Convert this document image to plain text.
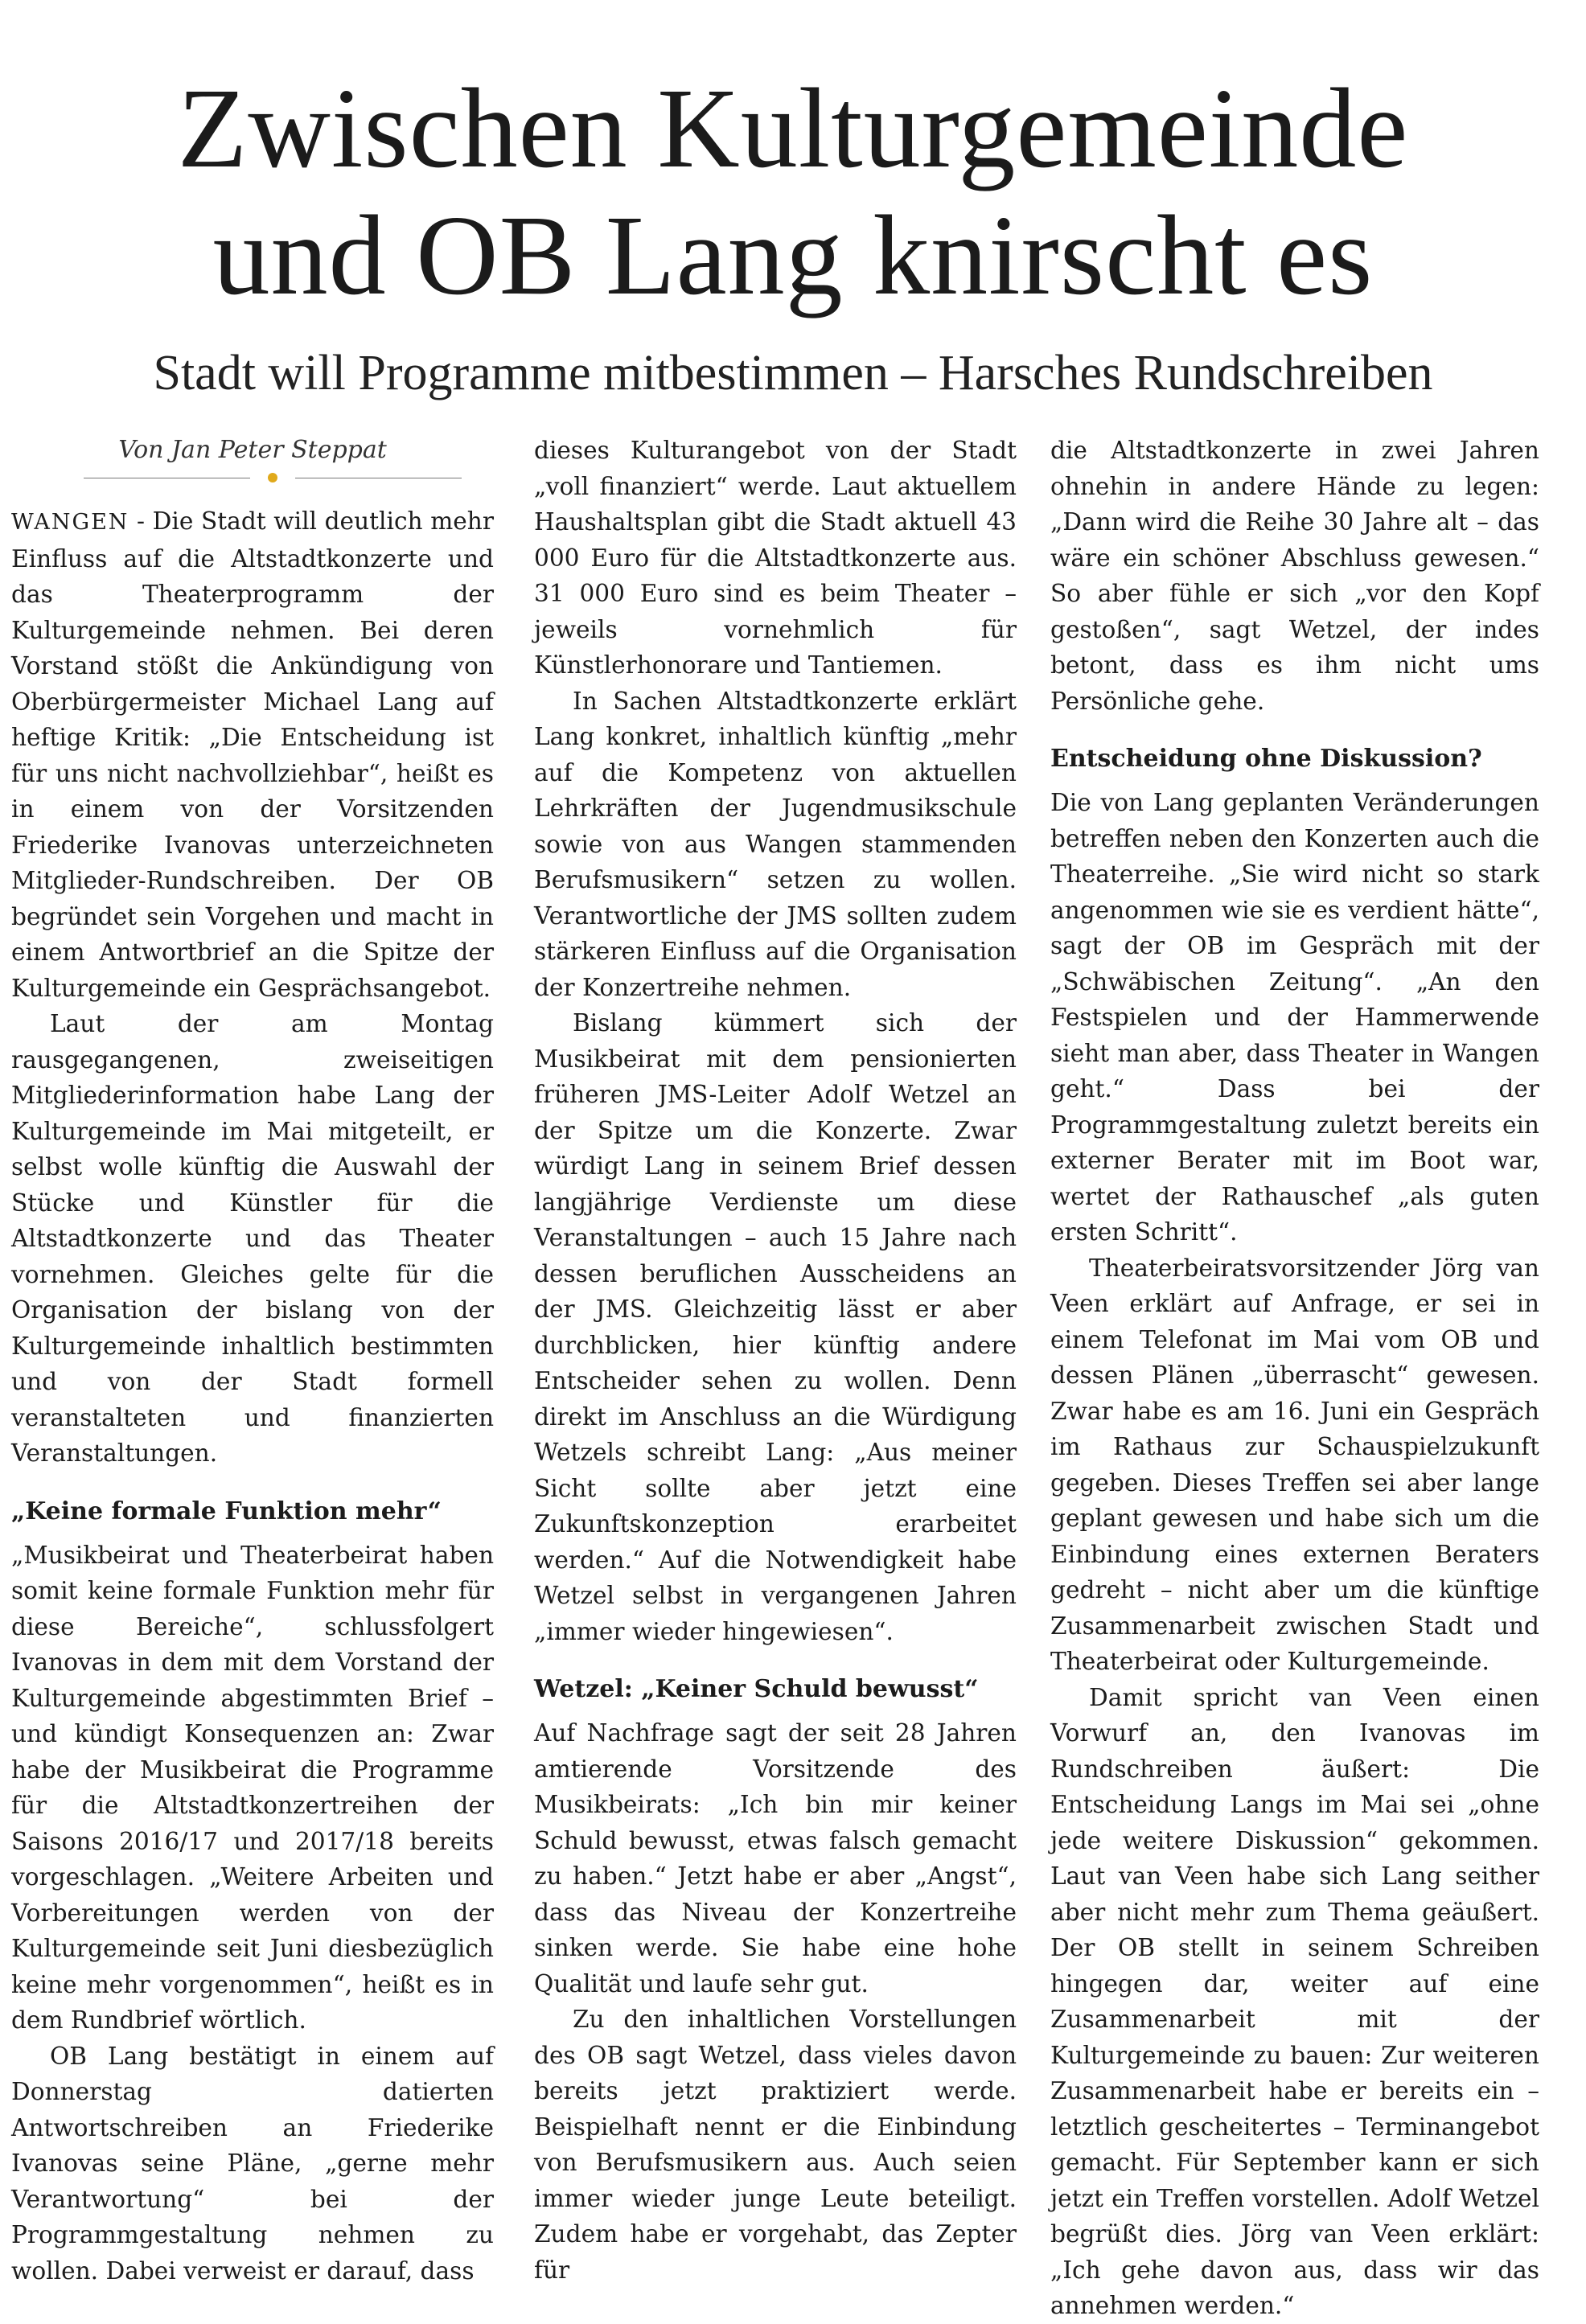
Zwischen Kulturgemeinde
und OB Lang knirscht es
Stadt will Programme mitbestimmen – Harsches Rundschreiben
Von Jan Peter Steppat

WANGEN - Die Stadt will deutlich mehr Einfluss auf die Altstadtkonzerte und das Theaterprogramm der Kulturgemeinde nehmen. Bei deren Vorstand stößt die Ankündigung von Oberbürgermeister Michael Lang auf heftige Kritik: „Die Entscheidung ist für uns nicht nachvollziehbar“, heißt es in einem von der Vorsitzenden Friederike Ivanovas unterzeichneten Mitglieder-Rundschreiben. Der OB begründet sein Vorgehen und macht in einem Antwortbrief an die Spitze der Kulturgemeinde ein Gesprächsangebot.

Laut der am Montag rausgegangenen, zweiseitigen Mitgliederinformation habe Lang der Kulturgemeinde im Mai mitgeteilt, er selbst wolle künftig die Auswahl der Stücke und Künstler für die Altstadtkonzerte und das Theater vornehmen. Gleiches gelte für die Organisation der bislang von der Kulturgemeinde inhaltlich bestimmten und von der Stadt formell veranstalteten und finanzierten Veranstaltungen.

„Keine formale Funktion mehr“

„Musikbeirat und Theaterbeirat haben somit keine formale Funktion mehr für diese Bereiche“, schlussfolgert Ivanovas in dem mit dem Vorstand der Kulturgemeinde abgestimmten Brief – und kündigt Konsequenzen an: Zwar habe der Musikbeirat die Programme für die Altstadtkonzertreihen der Saisons 2016/17 und 2017/18 bereits vorgeschlagen. „Weitere Arbeiten und Vorbereitungen werden von der Kulturgemeinde seit Juni diesbezüglich keine mehr vorgenommen“, heißt es in dem Rundbrief wörtlich.

OB Lang bestätigt in einem auf Donnerstag datierten Antwortschreiben an Friederike Ivanovas seine Pläne, „gerne mehr Verantwortung“ bei der Programmgestaltung nehmen zu wollen. Dabei verweist er darauf, dass

dieses Kulturangebot von der Stadt „voll finanziert“ werde. Laut aktuellem Haushaltsplan gibt die Stadt aktuell 43 000 Euro für die Altstadtkonzerte aus. 31 000 Euro sind es beim Theater – jeweils vornehmlich für Künstlerhonorare und Tantiemen.

In Sachen Altstadtkonzerte erklärt Lang konkret, inhaltlich künftig „mehr auf die Kompetenz von aktuellen Lehrkräften der Jugendmusikschule sowie von aus Wangen stammenden Berufsmusikern“ setzen zu wollen. Verantwortliche der JMS sollten zudem stärkeren Einfluss auf die Organisation der Konzertreihe nehmen.

Bislang kümmert sich der Musikbeirat mit dem pensionierten früheren JMS-Leiter Adolf Wetzel an der Spitze um die Konzerte. Zwar würdigt Lang in seinem Brief dessen langjährige Verdienste um diese Veranstaltungen – auch 15 Jahre nach dessen beruflichen Ausscheidens an der JMS. Gleichzeitig lässt er aber durchblicken, hier künftig andere Entscheider sehen zu wollen. Denn direkt im Anschluss an die Würdigung Wetzels schreibt Lang: „Aus meiner Sicht sollte aber jetzt eine Zukunftskonzeption erarbeitet werden.“ Auf die Notwendigkeit habe Wetzel selbst in vergangenen Jahren „immer wieder hingewiesen“.

Wetzel: „Keiner Schuld bewusst“

Auf Nachfrage sagt der seit 28 Jahren amtierende Vorsitzende des Musikbeirats: „Ich bin mir keiner Schuld bewusst, etwas falsch gemacht zu haben.“ Jetzt habe er aber „Angst“, dass das Niveau der Konzertreihe sinken werde. Sie habe eine hohe Qualität und laufe sehr gut.

Zu den inhaltlichen Vorstellungen des OB sagt Wetzel, dass vieles davon bereits jetzt praktiziert werde. Beispielhaft nennt er die Einbindung von Berufsmusikern aus. Auch seien immer wieder junge Leute beteiligt. Zudem habe er vorgehabt, das Zepter für

die Altstadtkonzerte in zwei Jahren ohnehin in andere Hände zu legen: „Dann wird die Reihe 30 Jahre alt – das wäre ein schöner Abschluss gewesen.“ So aber fühle er sich „vor den Kopf gestoßen“, sagt Wetzel, der indes betont, dass es ihm nicht ums Persönliche gehe.

Entscheidung ohne Diskussion?

Die von Lang geplanten Veränderungen betreffen neben den Konzerten auch die Theaterreihe. „Sie wird nicht so stark angenommen wie sie es verdient hätte“, sagt der OB im Gespräch mit der „Schwäbischen Zeitung“. „An den Festspielen und der Hammerwende sieht man aber, dass Theater in Wangen geht.“ Dass bei der Programmgestaltung zuletzt bereits ein externer Berater mit im Boot war, wertet der Rathauschef „als guten ersten Schritt“.

Theaterbeiratsvorsitzender Jörg van Veen erklärt auf Anfrage, er sei in einem Telefonat im Mai vom OB und dessen Plänen „überrascht“ gewesen. Zwar habe es am 16. Juni ein Gespräch im Rathaus zur Schauspielzukunft gegeben. Dieses Treffen sei aber lange geplant gewesen und habe sich um die Einbindung eines externen Beraters gedreht – nicht aber um die künftige Zusammenarbeit zwischen Stadt und Theaterbeirat oder Kulturgemeinde.

Damit spricht van Veen einen Vorwurf an, den Ivanovas im Rundschreiben äußert: Die Entscheidung Langs im Mai sei „ohne jede weitere Diskussion“ gekommen. Laut van Veen habe sich Lang seither aber nicht mehr zum Thema geäußert. Der OB stellt in seinem Schreiben hingegen dar, weiter auf eine Zusammenarbeit mit der Kulturgemeinde zu bauen: Zur weiteren Zusammenarbeit habe er bereits ein – letztlich gescheitertes – Terminangebot gemacht. Für September kann er sich jetzt ein Treffen vorstellen. Adolf Wetzel begrüßt dies. Jörg van Veen erklärt: „Ich gehe davon aus, dass wir das annehmen werden.“
